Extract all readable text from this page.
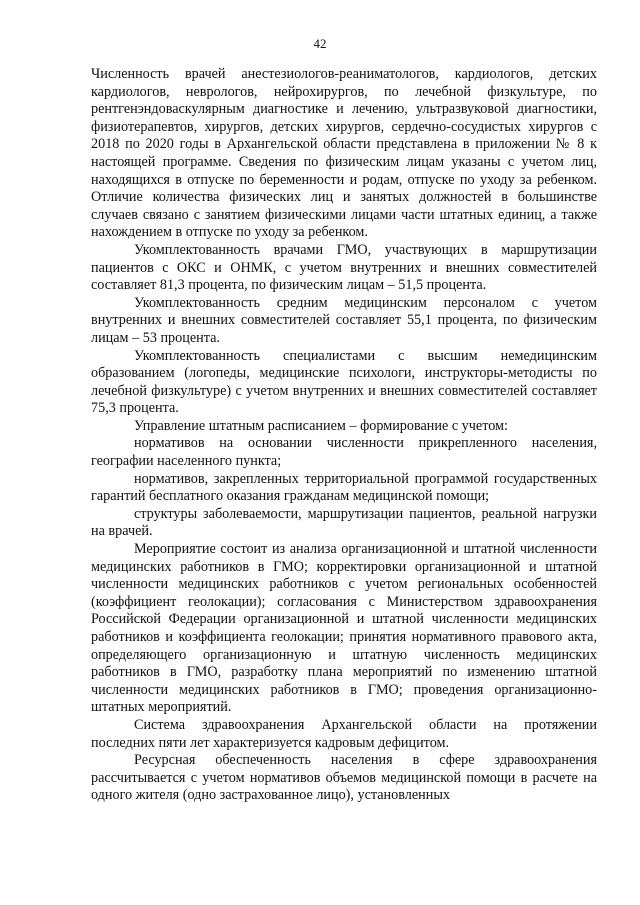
42

Численность врачей анестезиологов-реаниматологов, кардиологов, детских кардиологов, неврологов, нейрохирургов, по лечебной физкультуре, по рентгенэндоваскулярным диагностике и лечению, ультразвуковой диагностики, физиотерапевтов, хирургов, детских хирургов, сердечно-сосудистых хирургов с 2018 по 2020 годы в Архангельской области представлена в приложении № 8 к настоящей программе. Сведения по физическим лицам указаны с учетом лиц, находящихся в отпуске по беременности и родам, отпуске по уходу за ребенком. Отличие количества физических лиц и занятых должностей в большинстве случаев связано с занятием физическими лицами части штатных единиц, а также нахождением в отпуске по уходу за ребенком.

Укомплектованность врачами ГМО, участвующих в маршрутизации пациентов с ОКС и ОНМК, с учетом внутренних и внешних совместителей составляет 81,3 процента, по физическим лицам – 51,5 процента.

Укомплектованность средним медицинским персоналом с учетом внутренних и внешних совместителей составляет 55,1 процента, по физическим лицам – 53 процента.

Укомплектованность специалистами с высшим немедицинским образованием (логопеды, медицинские психологи, инструкторы-методисты по лечебной физкультуре) с учетом внутренних и внешних совместителей составляет 75,3 процента.

Управление штатным расписанием – формирование с учетом:

нормативов на основании численности прикрепленного населения, географии населенного пункта;

нормативов, закрепленных территориальной программой государственных гарантий бесплатного оказания гражданам медицинской помощи;

структуры заболеваемости, маршрутизации пациентов, реальной нагрузки на врачей.

Мероприятие состоит из анализа организационной и штатной численности медицинских работников в ГМО; корректировки организационной и штатной численности медицинских работников с учетом региональных особенностей (коэффициент геолокации); согласования с Министерством здравоохранения Российской Федерации организационной и штатной численности медицинских работников и коэффициента геолокации; принятия нормативного правового акта, определяющего организационную и штатную численность медицинских работников в ГМО, разработку плана мероприятий по изменению штатной численности медицинских работников в ГМО; проведения организационно-штатных мероприятий.

Система здравоохранения Архангельской области на протяжении последних пяти лет характеризуется кадровым дефицитом.

Ресурсная обеспеченность населения в сфере здравоохранения рассчитывается с учетом нормативов объемов медицинской помощи в расчете на одного жителя (одно застрахованное лицо), установленных
